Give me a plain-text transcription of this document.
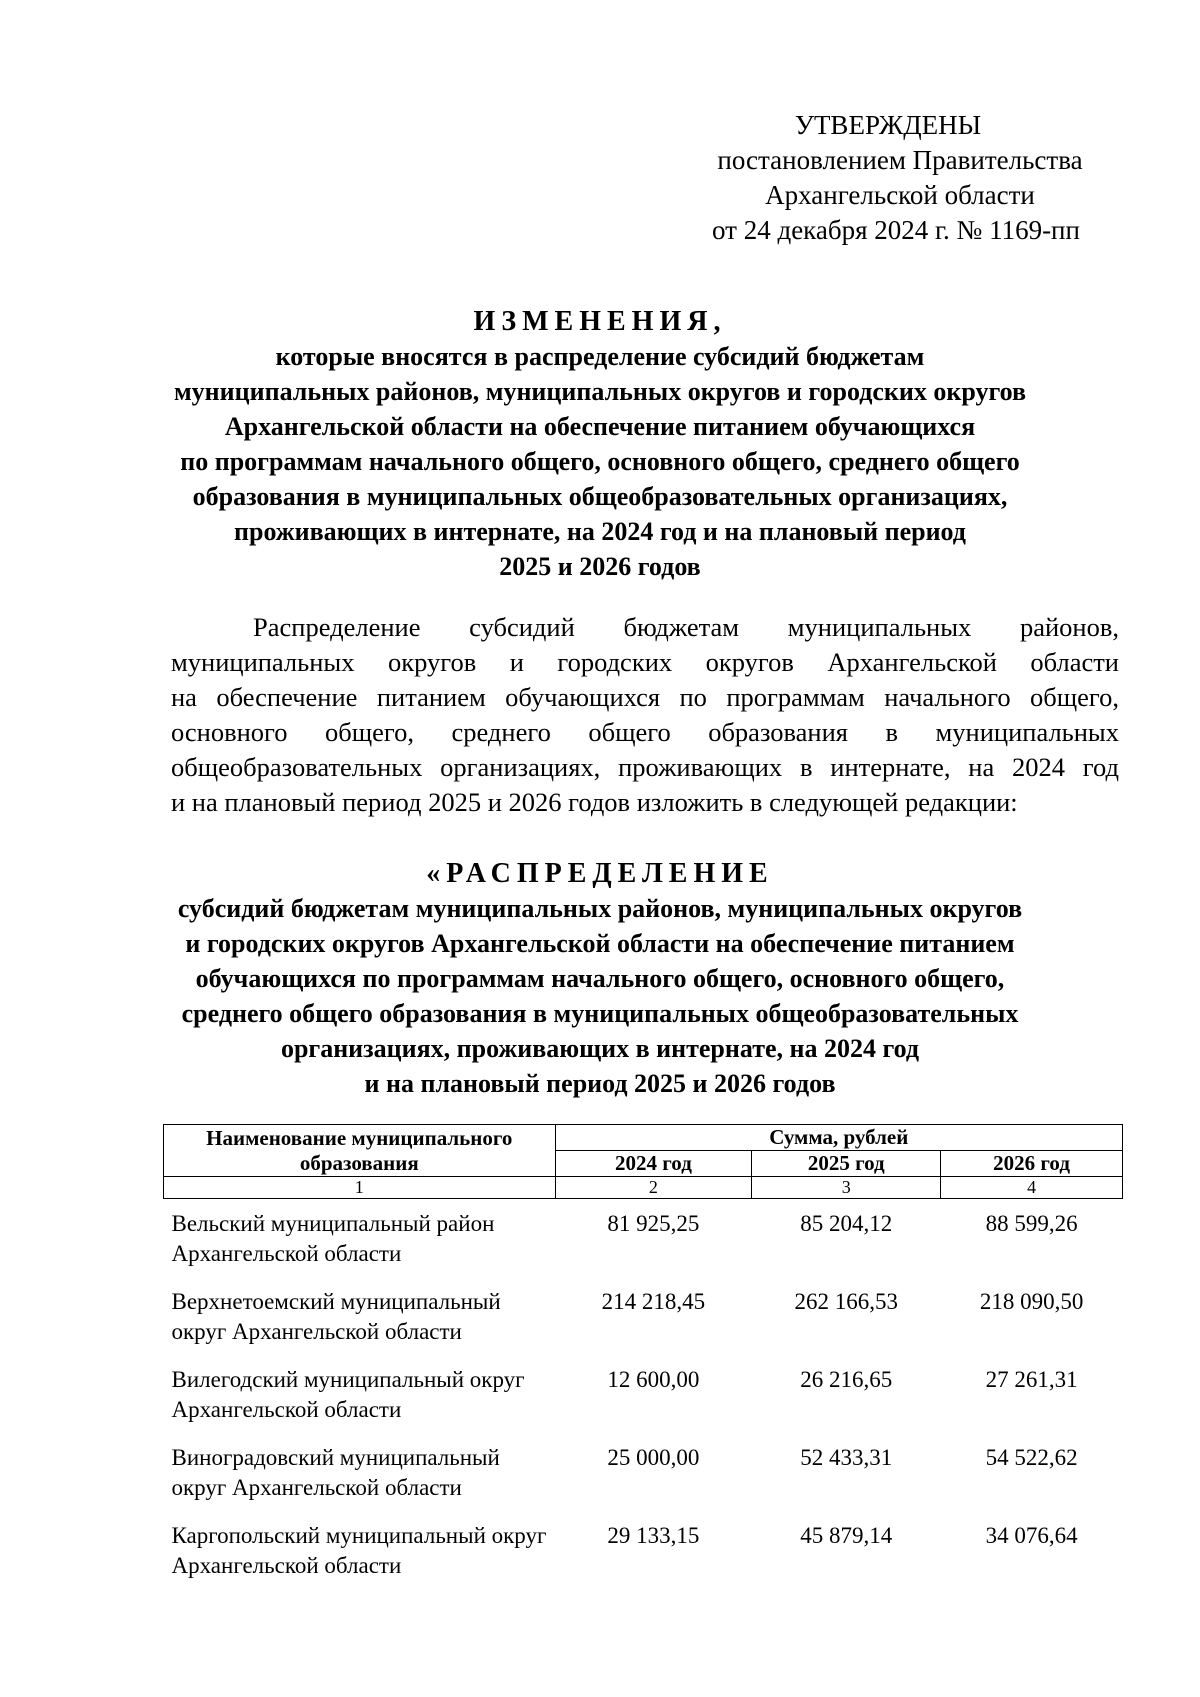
УТВЕРЖДЕНЫ
постановлением Правительства
Архангельской области
от 24 декабря 2024 г. № 1169-пп
ИЗМЕНЕНИЯ,
которые вносятся в распределение субсидий бюджетам
муниципальных районов, муниципальных округов и городских округов
Архангельской области на обеспечение питанием обучающихся
по программам начального общего, основного общего, среднего общего
образования в муниципальных общеобразовательных организациях,
проживающих в интернате, на 2024 год и на плановый период
2025 и 2026 годов
Распределение субсидий бюджетам муниципальных районов,
муниципальных округов и городских округов Архангельской области
на обеспечение питанием обучающихся по программам начального общего,
основного общего, среднего общего образования в муниципальных
общеобразовательных организациях, проживающих в интернате, на 2024 год
и на плановый период 2025 и 2026 годов изложить в следующей редакции:
«РАСПРЕДЕЛЕНИЕ
субсидий бюджетам муниципальных районов, муниципальных округов
и городских округов Архангельской области на обеспечение питанием
обучающихся по программам начального общего, основного общего,
среднего общего образования в муниципальных общеобразовательных
организациях, проживающих в интернате, на 2024 год
и на плановый период 2025 и 2026 годов
Наименование муниципального образования	Сумма, рублей		
	2024 год	2025 год	2026 год
1	2	3	4
Вельский муниципальный район Архангельской области	81 925,25	85 204,12	88 599,26
Верхнетоемский муниципальный округ Архангельской области	214 218,45	262 166,53	218 090,50
Вилегодский муниципальный округ Архангельской области	12 600,00	26 216,65	27 261,31
Виноградовский муниципальный округ Архангельской области	25 000,00	52 433,31	54 522,62
Каргопольский муниципальный округ Архангельской области	29 133,15	45 879,14	34 076,64
